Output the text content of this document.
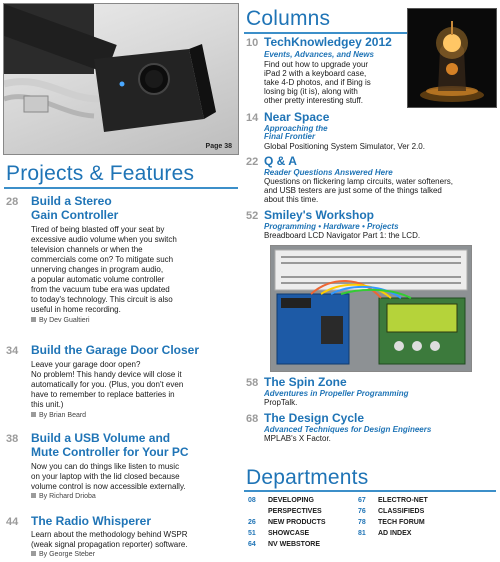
Page 38
Columns
10 TechKnowledgey 2012
Events, Advances, and News
Find out how to upgrade your
iPad 2 with a keyboard case,
take 4-D photos, and if Bing is
losing big (it is), along with
other pretty interesting stuff.
14 Near Space
Approaching the
Final Frontier
Global Positioning System Simulator, Ver 2.0.
22 Q & A
Reader Questions Answered Here
Questions on flickering lamp circuits, water softeners,
and USB testers are just some of the things talked
about this time.
52 Smiley's Workshop
Programming • Hardware • Projects
Breadboard LCD Navigator Part 1: the LCD.
58 The Spin Zone
Adventures in Propeller Programming
PropTalk.
68 The Design Cycle
Advanced Techniques for Design Engineers
MPLAB's X Factor.
Departments
08 DEVELOPING
PERSPECTIVES
26 NEW PRODUCTS
51 SHOWCASE
64 NV WEBSTORE
67 ELECTRO-NET
76 CLASSIFIEDS
78 TECH FORUM
81 AD INDEX
Projects & Features
28 Build a Stereo
Gain Controller
Tired of being blasted off your seat by
excessive audio volume when you switch
television channels or when the
commercials come on? To mitigate such
unnerving changes in program audio,
a popular automatic volume controller
from the vacuum tube era was updated
to today's technology. This circuit is also
useful in home recording.
By Dev Gualtieri
34 Build the Garage Door Closer
Leave your garage door open?
No problem! This handy device will close it
automatically for you. (Plus, you don't even
have to remember to replace batteries in
this unit.)
By Brian Beard
38 Build a USB Volume and
Mute Controller for Your PC
Now you can do things like listen to music
on your laptop with the lid closed because
volume control is now accessible externally.
By Richard Drioba
44 The Radio Whisperer
Learn about the methodology behind WSPR
(weak signal propagation reporter) software.
By George Steber
